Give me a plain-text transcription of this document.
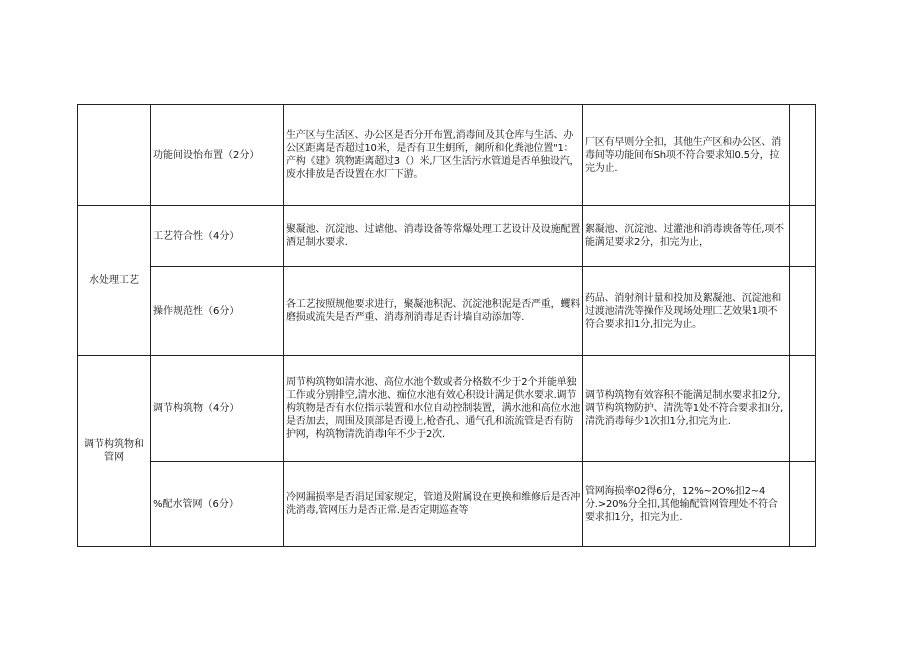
	功能间设怡布置（2分）	生产区与生活区、办公区是否分开布置,消毒间及其仓库与生活、办公区距离是否超过10米，是否有卫生蚏所，阑所和化粪池位置"1：产构《建》筑物距离超过3（）米,厂区生活污水管道是否单独设汽，废水排放是否设置在水厂下游。	厂区有早则分全扣，其他生产区和办公区、消毒间等功能间布Sh项不符合要求知0.5分，拉完为止.	
水处理工艺	工艺符合性（4分）	聚凝池、沉淀池、过谑他、消毒设备等常爆处理工艺设计及设施配置酒足制水要求.	絮凝池、沉淀池、过灌池和消毒谀备等任,项不能满足要求2分，扣完为止，	
	操作规范性（6分）	各工艺按照规他要求进行，聚凝池积泥、沉淀池积泥是否严重，蠼料磨损或流失是否严重、消毒剂消毒足否计墙自动添加等.	药品、消射剂计量和投加及絮凝池、沉淀池和过渡池清洗等操作及现场处理匚艺效果1项不符合要求扣1分,扣完为止。	
调节构筑物和管网	调节构筑物（4分）	周节构筑物如清水池、高位水池个数或者分格数不少于2个并能单独工作或分别排空,清水池、痂位水池有效心积设计满足供水要求.调节构筑物是否有水位指示装置和水位自动控制装置，满水池和高位水池是否加去，周围及顶部是否谩上,枪杳孔、通气孔和流流管是否有防护网，构筑物清洗消毒I年不少于2次.	调节构筑物有效容积不能满足制水要求扣2分,调节构筑物防护、清洗等1处不符合要求扣I分,清洗消毒每少1次扣1分,扣完为止.	
	%配水管网（6分）	冷网漏损率是否涓足国家规定，管道及附属设在更换和维修后是否冲洗消毒,管网压力是否正常.是否定期巡查等	管网海损率02得6分，12%~2O%扣2~4分.>20%分全扣,其他输配管网管理处不符合要求扣1分，扣完为止.	
